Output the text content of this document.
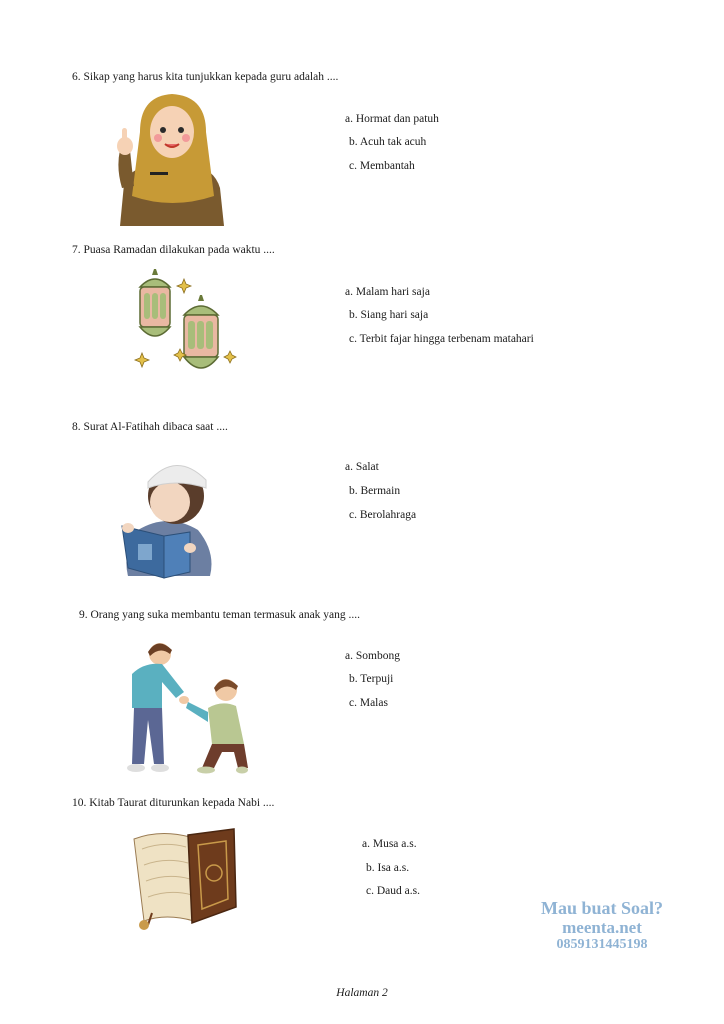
6. Sikap yang harus kita tunjukkan kepada guru adalah ....
a. Hormat dan patuh
b. Acuh tak acuh
c. Membantah
7. Puasa Ramadan dilakukan pada waktu ....
a. Malam hari saja
b. Siang hari saja
c. Terbit fajar hingga terbenam matahari
8. Surat Al-Fatihah dibaca saat ....
a. Salat
b. Bermain
c. Berolahraga
9. Orang yang suka membantu teman termasuk anak yang ....
a. Sombong
b. Terpuji
c. Malas
10. Kitab Taurat diturunkan kepada Nabi ....
a. Musa a.s.
b. Isa a.s.
c. Daud a.s.
Mau buat Soal?
meenta.net
0859131445198
Halaman 2
